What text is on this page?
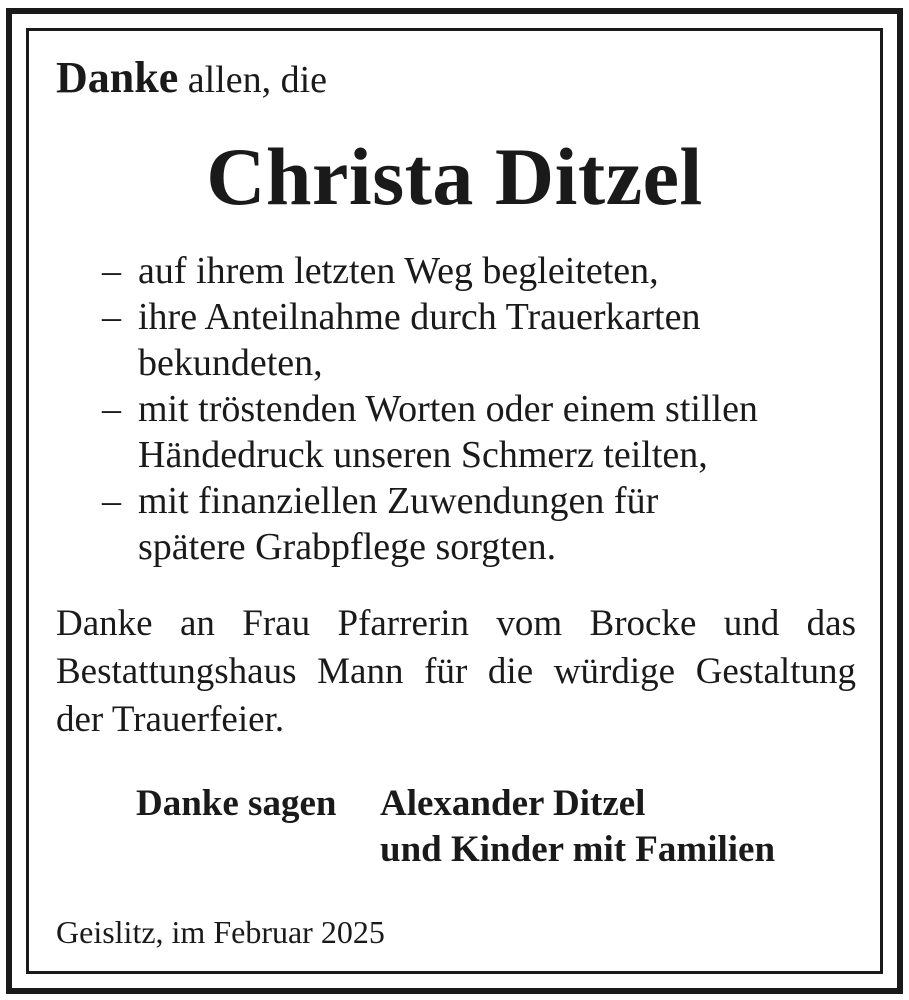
Danke allen, die
Christa Ditzel
– auf ihrem letzten Weg begleiteten,
– ihre Anteilnahme durch Trauerkarten
bekundeten,
– mit tröstenden Worten oder einem stillen
Händedruck unseren Schmerz teilten,
– mit finanziellen Zuwendungen für
spätere Grabpflege sorgten.
Danke an Frau Pfarrerin vom Brocke und das
Bestattungshaus Mann für die würdige Gestaltung
der Trauerfeier.
Danke sagen Alexander Ditzel
und Kinder mit Familien
Geislitz, im Februar 2025
